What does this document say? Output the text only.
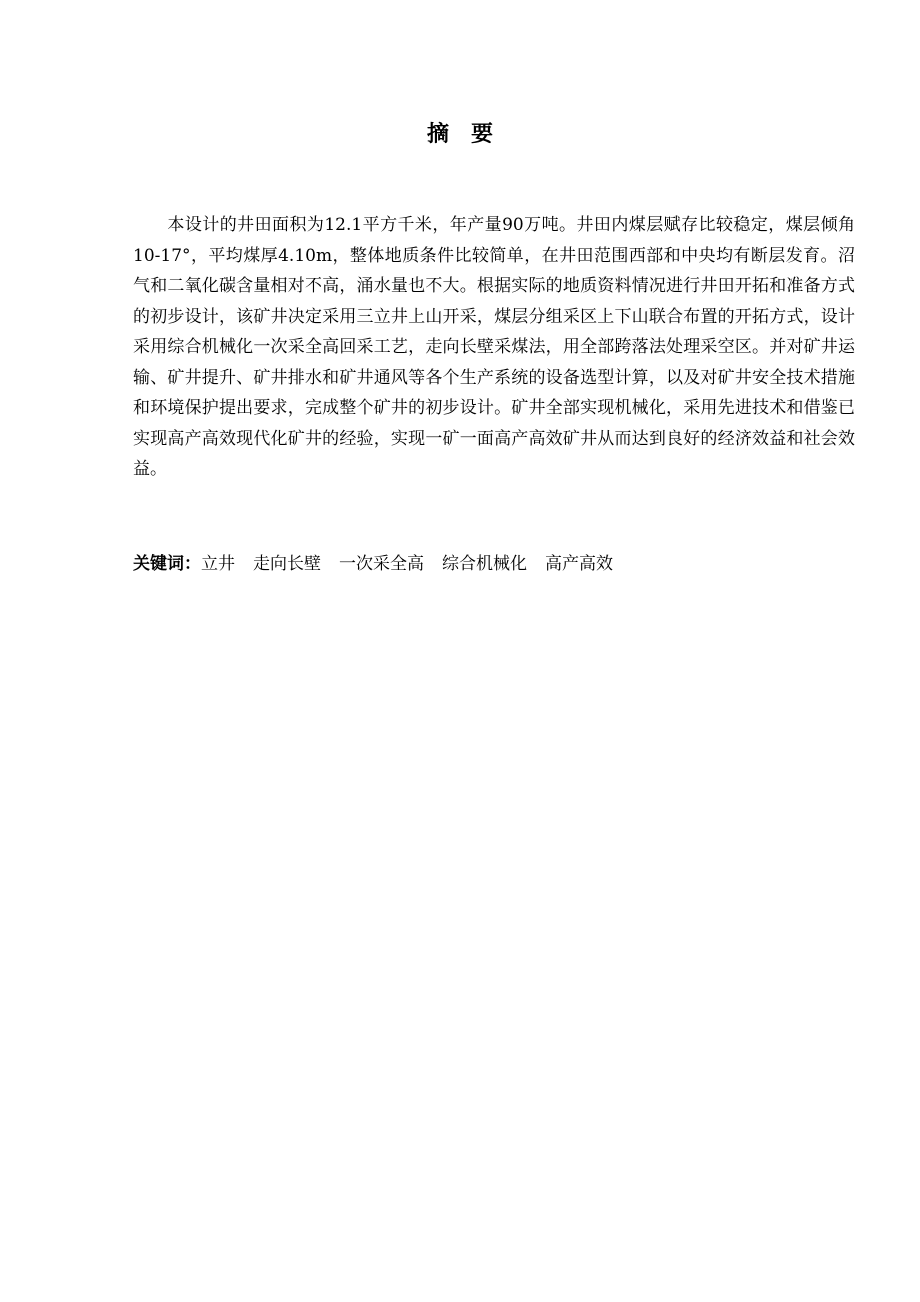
摘 要

本设计的井田面积为12.1平方千米，年产量90万吨。井田内煤层赋存比较稳定，煤层倾角10-17°，平均煤厚4.10m，整体地质条件比较简单，在井田范围西部和中央均有断层发育。沼气和二氧化碳含量相对不高，涌水量也不大。根据实际的地质资料情况进行井田开拓和准备方式的初步设计，该矿井决定采用三立井上山开采，煤层分组采区上下山联合布置的开拓方式，设计采用综合机械化一次采全高回采工艺，走向长壁采煤法，用全部跨落法处理采空区。并对矿井运输、矿井提升、矿井排水和矿井通风等各个生产系统的设备选型计算，以及对矿井安全技术措施和环境保护提出要求，完成整个矿井的初步设计。矿井全部实现机械化，采用先进技术和借鉴已实现高产高效现代化矿井的经验，实现一矿一面高产高效矿井从而达到良好的经济效益和社会效益。

关键词：立井 走向长壁 一次采全高 综合机械化 高产高效
